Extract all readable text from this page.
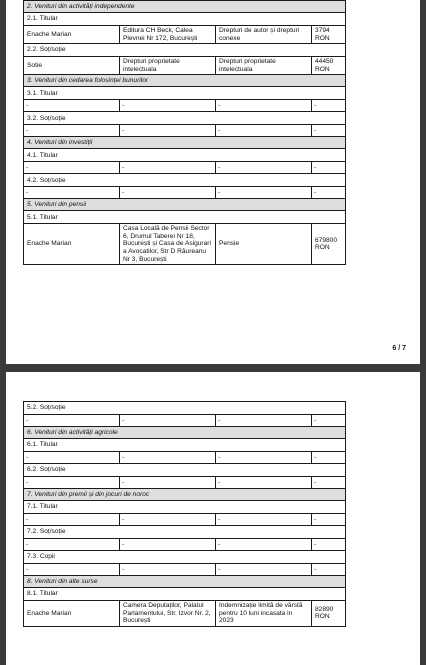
2. Venituri din activități independente			
2.1. Titular			
Enache Marian	Editura CH Beck, Calea Plevnei Nr 172, București	Drepturi de autor și drepturi conexe	3794 RON
2.2. Soț/soție			
Sotie	Drepturi proprietate intelectuala	Drepturi proprietate intelectuala	44450 RON
3. Venituri din cedarea folosinței bunurilor			
3.1. Titular			
-	-	-	-
3.2. Soț/soție			
-	-	-	-
4. Venituri din investiții			
4.1. Titular			
-	-	-	-
4.2. Soț/soție			
-	-	-	-
5. Venituri din pensii			
5.1. Titular			
Enache Marian	Casa Locală de Pensii Sector 6, Drumul Taberei Nr 18, București și Casa de Asigurari a Avocatilor, Str D Răureanu Nr 3, București	Pensie	679800 RON
6 / 7
5.2. Soț/soție			
-	-	-	-
6. Venituri din activități agricole			
6.1. Titular			
-	-	-	-
6.2. Soț/soție			
-	-	-	-
7. Venituri din premii și din jocuri de noroc			
7.1. Titular			
-	-	-	-
7.2. Soț/soție			
-	-	-	-
7.3. Copii			
-	-	-	-
8. Venituri din alte surse			
8.1. Titular			
Enache Marian	Camera Deputaților, Palatul Parlamentului, Str. Izvor Nr. 2, București	Indemnizație limită de vârstă pentru 10 luni incasata in 2023	82890 RON
